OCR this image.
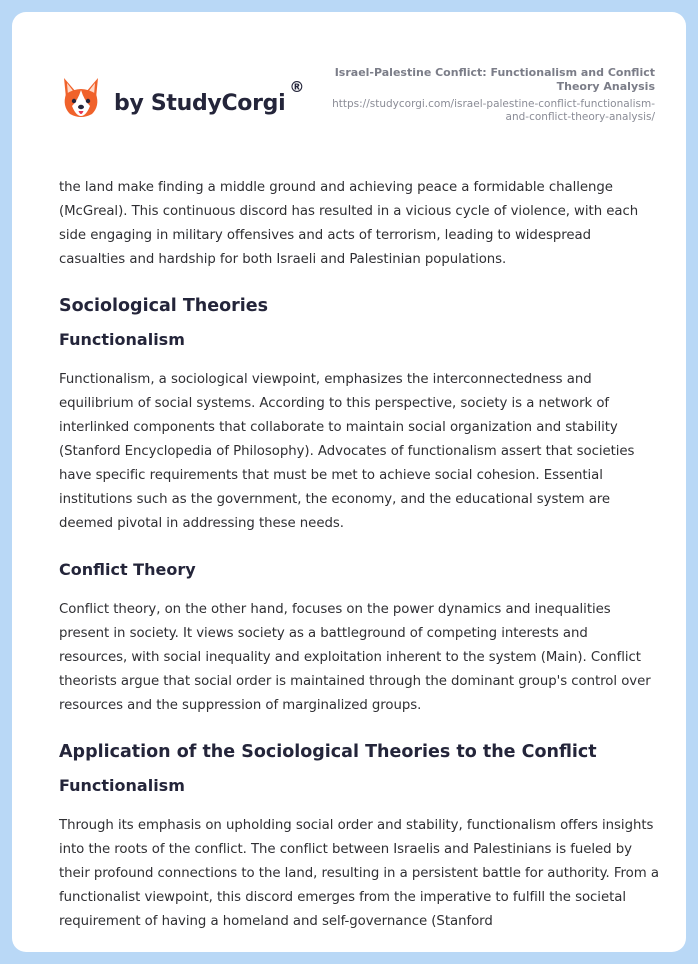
by StudyCorgi
®
Israel-Palestine Conflict: Functionalism and Conflict Theory Analysis
https://studycorgi.com/israel-palestine-conflict-functionalism-and-conflict-theory-analysis/

the land make finding a middle ground and achieving peace a formidable challenge (McGreal). This continuous discord has resulted in a vicious cycle of violence, with each side engaging in military offensives and acts of terrorism, leading to widespread casualties and hardship for both Israeli and Palestinian populations.

Sociological Theories
Functionalism

Functionalism, a sociological viewpoint, emphasizes the interconnectedness and equilibrium of social systems. According to this perspective, society is a network of interlinked components that collaborate to maintain social organization and stability (Stanford Encyclopedia of Philosophy). Advocates of functionalism assert that societies have specific requirements that must be met to achieve social cohesion. Essential institutions such as the government, the economy, and the educational system are deemed pivotal in addressing these needs.

Conflict Theory

Conflict theory, on the other hand, focuses on the power dynamics and inequalities present in society. It views society as a battleground of competing interests and resources, with social inequality and exploitation inherent to the system (Main). Conflict theorists argue that social order is maintained through the dominant group's control over resources and the suppression of marginalized groups.

Application of the Sociological Theories to the Conflict
Functionalism

Through its emphasis on upholding social order and stability, functionalism offers insights into the roots of the conflict. The conflict between Israelis and Palestinians is fueled by their profound connections to the land, resulting in a persistent battle for authority. From a functionalist viewpoint, this discord emerges from the imperative to fulfill the societal requirement of having a homeland and self-governance (Stanford
